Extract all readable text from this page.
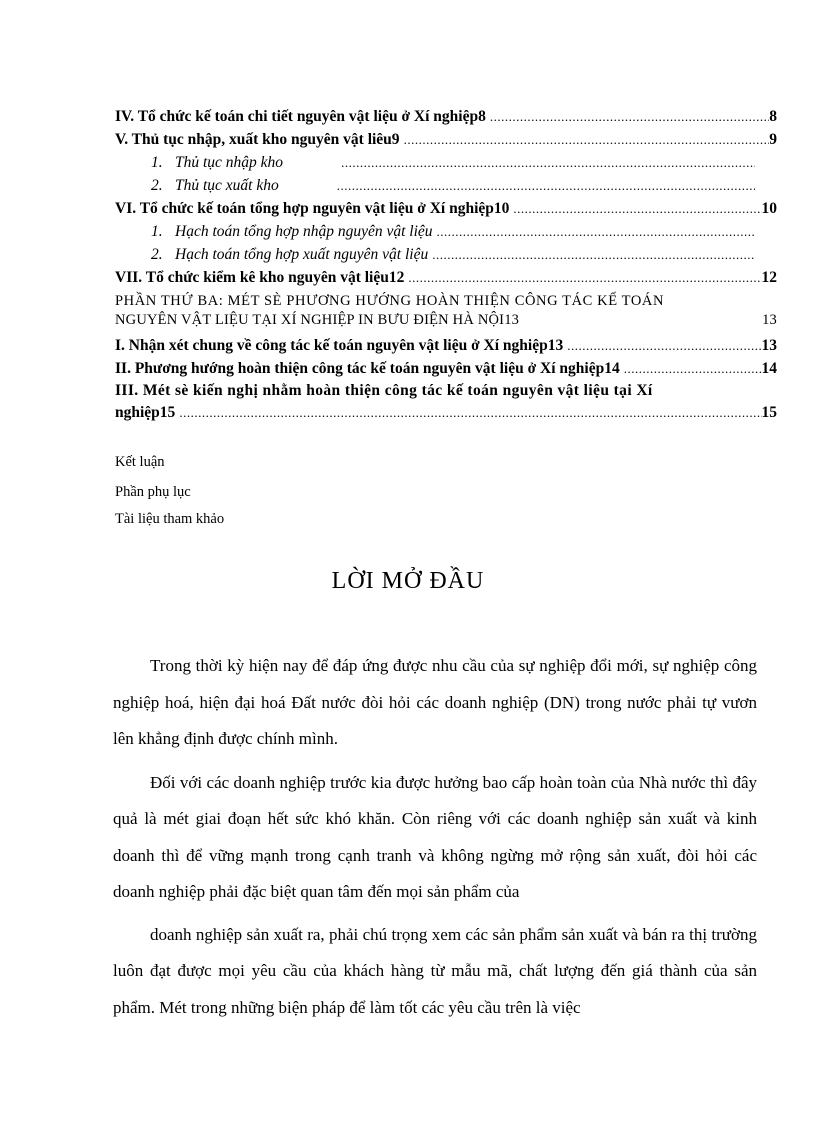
IV. Tổ chức kế toán chi tiết nguyên vật liệu ở Xí nghiệp8 .....	8
V. Thủ tục nhập, xuất kho nguyên vật liêu9 .....	9
1. Thủ tục nhập kho
.....
2. Thủ tục xuất kho
.....
VI. Tổ chức kế toán tổng hợp nguyên vật liệu ở Xí nghiệp10 .....	10
1. Hạch toán tổng hợp nhập nguyên vật liệu
.....
2. Hạch toán tổng hợp xuất nguyên vật liệu
.....
VII. Tổ chức kiểm kê kho nguyên vật liệu12 .....	12
PHẦN THỨ BA: MÉT SÈ PHƯƠNG HƯỚNG HOÀN THIỆN CÔNG TÁC KẾ TOÁN
NGUYÊN VẬT LIỆU TẠI XÍ NGHIỆP IN BƯU ĐIỆN HÀ NỘI13	13
I. Nhận xét chung về công tác kế toán nguyên vật liệu ở Xí nghiệp13 .....	13
II. Phương hướng hoàn thiện công tác kế toán nguyên vật liệu ở Xí nghiệp14 .....	14
III. Mét sè kiến nghị nhằm hoàn thiện công tác kế toán nguyên vật liệu tại Xí
nghiệp15 .....	15
Kết luận
Phần phụ lục
Tài liệu tham khảo
LỜI MỞ ĐẦU

Trong thời kỳ hiện nay để đáp ứng được nhu cầu của sự nghiệp đổi mới, sự nghiệp công nghiệp hoá, hiện đại hoá Đất nước đòi hỏi các doanh nghiệp (DN) trong nước phải tự vươn lên khẳng định được chính mình.

Đối với các doanh nghiệp trước kia được hưởng bao cấp hoàn toàn của Nhà nước thì đây quả là mét giai đoạn hết sức khó khăn. Còn riêng với các doanh nghiệp sản xuất và kinh doanh thì để vững mạnh trong cạnh tranh và không ngừng mở rộng sản xuất, đòi hỏi các doanh nghiệp phải đặc biệt quan tâm đến mọi sản phẩm của

doanh nghiệp sản xuất ra, phải chú trọng xem các sản phẩm sản xuất và bán ra thị trường luôn đạt được mọi yêu cầu của khách hàng từ mẫu mã, chất lượng đến giá thành của sản phẩm. Mét trong những biện pháp để làm tốt các yêu cầu trên là việc
